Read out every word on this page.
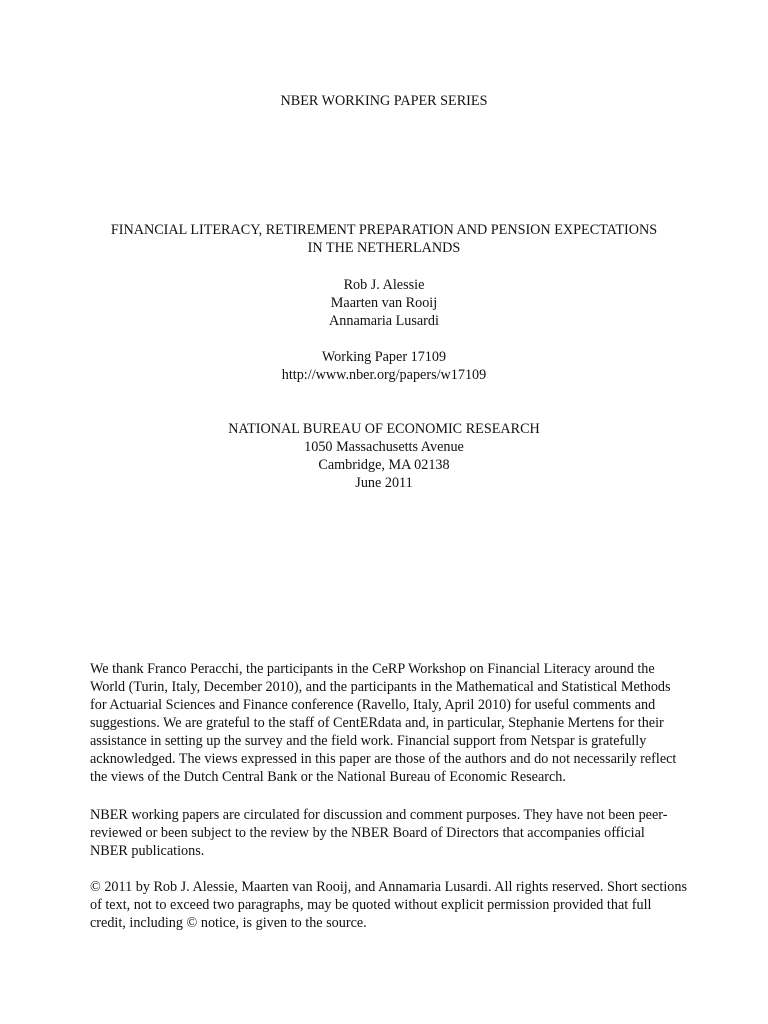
NBER WORKING PAPER SERIES
FINANCIAL LITERACY, RETIREMENT PREPARATION AND PENSION EXPECTATIONS
IN THE NETHERLANDS
Rob J. Alessie
Maarten van Rooij
Annamaria Lusardi
Working Paper 17109
http://www.nber.org/papers/w17109
NATIONAL BUREAU OF ECONOMIC RESEARCH
1050 Massachusetts Avenue
Cambridge, MA 02138
June 2011
We thank Franco Peracchi, the participants in the CeRP Workshop on Financial Literacy around the
World (Turin, Italy, December 2010), and the participants in the Mathematical and Statistical Methods
for Actuarial Sciences and Finance conference (Ravello, Italy, April 2010) for useful comments and
suggestions. We are grateful to the staff of CentERdata and, in particular, Stephanie Mertens for their
assistance in setting up the survey and the field work. Financial support from Netspar is gratefully
acknowledged. The views expressed in this paper are those of the authors and do not necessarily reflect
the views of the Dutch Central Bank or the National Bureau of Economic Research.
NBER working papers are circulated for discussion and comment purposes. They have not been peer-
reviewed or been subject to the review by the NBER Board of Directors that accompanies official
NBER publications.
© 2011 by Rob J. Alessie, Maarten van Rooij, and Annamaria Lusardi. All rights reserved. Short sections
of text, not to exceed two paragraphs, may be quoted without explicit permission provided that full
credit, including © notice, is given to the source.
